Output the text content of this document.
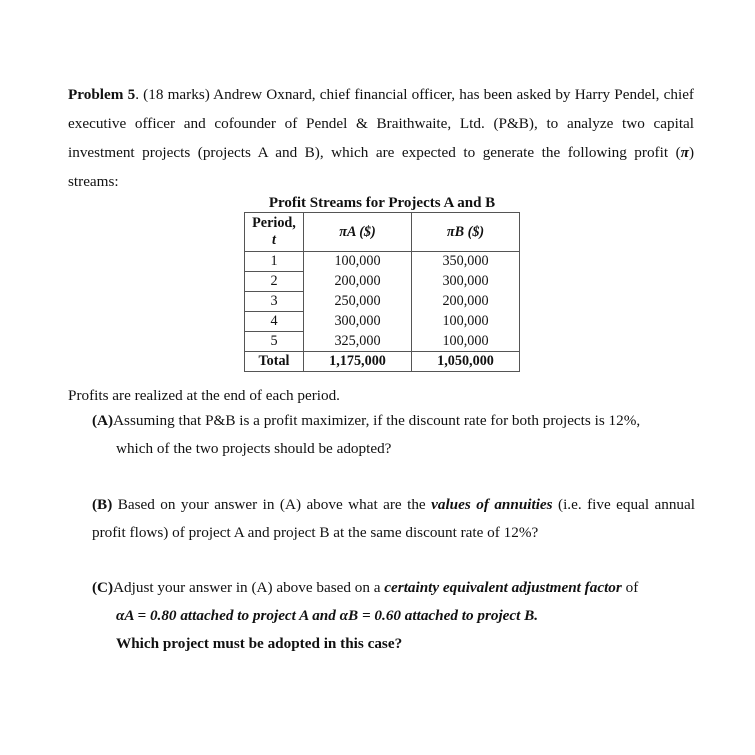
Problem 5. (18 marks) Andrew Oxnard, chief financial officer, has been asked by Harry Pendel, chief executive officer and cofounder of Pendel & Braithwaite, Ltd. (P&B), to analyze two capital investment projects (projects A and B), which are expected to generate the following profit (π) streams:
Profit Streams for Projects A and B
Period,
t	πA ($)	πB ($)
1	100,000	350,000
2	200,000	300,000
3	250,000	200,000
4	300,000	100,000
5	325,000	100,000
Total	1,175,000	1,050,000
Profits are realized at the end of each period.
(A)Assuming that P&B is a profit maximizer, if the discount rate for both projects is 12%,
which of the two projects should be adopted?
(B) Based on your answer in (A) above what are the values of annuities (i.e. five equal annual profit flows) of project A and project B at the same discount rate of 12%?
(C)Adjust your answer in (A) above based on a certainty equivalent adjustment factor of
αA = 0.80 attached to project A and αB = 0.60 attached to project B.
Which project must be adopted in this case?
